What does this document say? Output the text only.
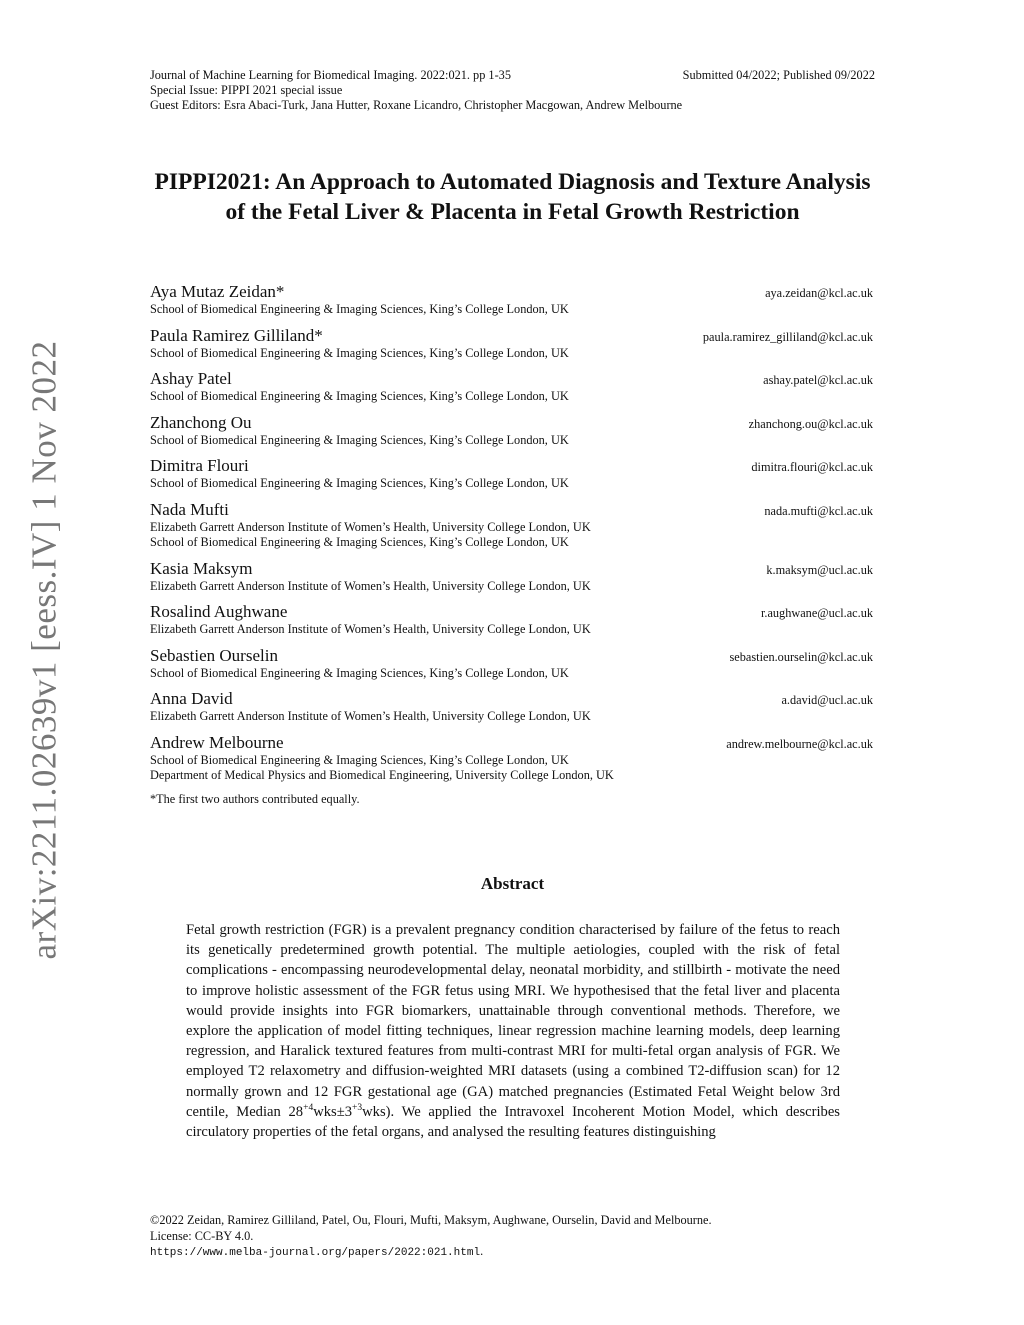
arXiv:2211.02639v1 [eess.IV] 1 Nov 2022
Journal of Machine Learning for Biomedical Imaging. 2022:021. pp 1-35	Submitted 04/2022; Published 09/2022
Special Issue: PIPPI 2021 special issue
Guest Editors: Esra Abaci-Turk, Jana Hutter, Roxane Licandro, Christopher Macgowan, Andrew Melbourne
PIPPI2021: An Approach to Automated Diagnosis and Texture Analysis of the Fetal Liver & Placenta in Fetal Growth Restriction
Aya Mutaz Zeidan*	aya.zeidan@kcl.ac.uk
School of Biomedical Engineering & Imaging Sciences, King’s College London, UK
Paula Ramirez Gilliland*	paula.ramirez_gilliland@kcl.ac.uk
School of Biomedical Engineering & Imaging Sciences, King’s College London, UK
Ashay Patel	ashay.patel@kcl.ac.uk
School of Biomedical Engineering & Imaging Sciences, King’s College London, UK
Zhanchong Ou	zhanchong.ou@kcl.ac.uk
School of Biomedical Engineering & Imaging Sciences, King’s College London, UK
Dimitra Flouri	dimitra.flouri@kcl.ac.uk
School of Biomedical Engineering & Imaging Sciences, King’s College London, UK
Nada Mufti	nada.mufti@kcl.ac.uk
Elizabeth Garrett Anderson Institute of Women’s Health, University College London, UK
School of Biomedical Engineering & Imaging Sciences, King’s College London, UK
Kasia Maksym	k.maksym@ucl.ac.uk
Elizabeth Garrett Anderson Institute of Women’s Health, University College London, UK
Rosalind Aughwane	r.aughwane@ucl.ac.uk
Elizabeth Garrett Anderson Institute of Women’s Health, University College London, UK
Sebastien Ourselin	sebastien.ourselin@kcl.ac.uk
School of Biomedical Engineering & Imaging Sciences, King’s College London, UK
Anna David	a.david@ucl.ac.uk
Elizabeth Garrett Anderson Institute of Women’s Health, University College London, UK
Andrew Melbourne	andrew.melbourne@kcl.ac.uk
School of Biomedical Engineering & Imaging Sciences, King’s College London, UK
Department of Medical Physics and Biomedical Engineering, University College London, UK
*The first two authors contributed equally.
Abstract
Fetal growth restriction (FGR) is a prevalent pregnancy condition characterised by failure of the fetus to reach its genetically predetermined growth potential. The multiple aetiologies, coupled with the risk of fetal complications - encompassing neurodevelopmental delay, neonatal morbidity, and stillbirth - motivate the need to improve holistic assessment of the FGR fetus using MRI. We hypothesised that the fetal liver and placenta would provide insights into FGR biomarkers, unattainable through conventional methods. Therefore, we explore the application of model fitting techniques, linear regression machine learning models, deep learning regression, and Haralick textured features from multi-contrast MRI for multi-fetal organ analysis of FGR. We employed T2 relaxometry and diffusion-weighted MRI datasets (using a combined T2-diffusion scan) for 12 normally grown and 12 FGR gestational age (GA) matched pregnancies (Estimated Fetal Weight below 3rd centile, Median $28^{+4}wks\pm 3^{+3}wks$). We applied the Intravoxel Incoherent Motion Model, which describes circulatory properties of the fetal organs, and analysed the resulting features distinguishing
©2022 Zeidan, Ramirez Gilliland, Patel, Ou, Flouri, Mufti, Maksym, Aughwane, Ourselin, David and Melbourne.
License: CC-BY 4.0.
https://www.melba-journal.org/papers/2022:021.html.
